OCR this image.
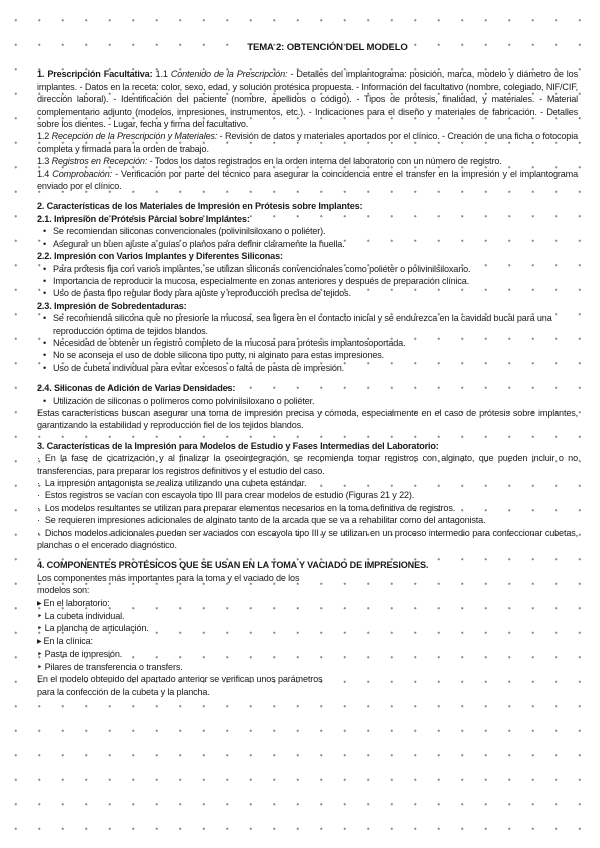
TEMA 2: OBTENCIÓN DEL MODELO

1. Prescripción Facultativa: 1.1 Contenido de la Prescripción: - Detalles del implantograma: posición, marca, modelo y diámetro de los implantes. - Datos en la receta: color, sexo, edad, y solución protésica propuesta. - Información del facultativo (nombre, colegiado, NIF/CIF, dirección laboral). - Identificación del paciente (nombre, apellidos o código). - Tipos de prótesis, finalidad, y materiales. - Material complementario adjunto (modelos, impresiones, instrumentos, etc.). - Indicaciones para el diseño y materiales de fabricación. - Detalles sobre los dientes. - Lugar, fecha y firma del facultativo.

1.2 Recepción de la Prescripción y Materiales: - Revisión de datos y materiales aportados por el clínico. - Creación de una ficha o fotocopia completa y firmada para la orden de trabajo.

1.3 Registros en Recepción: - Todos los datos registrados en la orden interna del laboratorio con un número de registro.

1.4 Comprobación: - Verificación por parte del técnico para asegurar la coincidencia entre el transfer en la impresión y el implantograma enviado por el clínico.

2. Características de los Materiales de Impresión en Prótesis sobre Implantes:

2.1. Impresión de Prótesis Parcial sobre Implantes:

• Se recomiendan siliconas convencionales (polivinilsiloxano o poliéter).
• Asegurar un buen ajuste a guías o planos para definir claramente la huella.

2.2. Impresión con Varios Implantes y Diferentes Siliconas:

• Para prótesis fija con varios implantes, se utilizan siliconas convencionales como poliéter o polivinilsiloxano.
• Importancia de reproducir la mucosa, especialmente en zonas anteriores y después de preparación clínica.
• Uso de pasta tipo regular body para ajuste y reproducción precisa de tejidos.

2.3. Impresión de Sobredentaduras:

• Se recomienda silicona que no presione la mucosa, sea ligera en el contacto inicial y se endurezca en la cavidad bucal para una reproducción óptima de tejidos blandos.
• Necesidad de obtener un registro completo de la mucosa para prótesis implantosoportada.
• No se aconseja el uso de doble silicona tipo putty, ni alginato para estas impresiones.
• Uso de cubeta individual para evitar excesos o falta de pasta de impresión.

2.4. Siliconas de Adición de Varias Densidades:

• Utilización de siliconas o polímeros como polvinilsiloxano o poliéter.

Estas características buscan asegurar una toma de impresión precisa y cómoda, especialmente en el caso de prótesis sobre implantes, garantizando la estabilidad y reproducción fiel de los tejidos blandos.

3. Características de la Impresión para Modelos de Estudio y Fases Intermedias del Laboratorio:

· En la fase de cicatrización y al finalizar la oseointegración, se recomienda tomar registros con alginato, que pueden incluir o no transferencias, para preparar los registros definitivos y el estudio del caso.

· La impresión antagonista se realiza utilizando una cubeta estándar.

· Estos registros se vacían con escayola tipo III para crear modelos de estudio (Figuras 21 y 22).

· Los modelos resultantes se utilizan para preparar elementos necesarios en la toma definitiva de registros.

· Se requieren impresiones adicionales de alginato tanto de la arcada que se va a rehabilitar como del antagonista.

· Dichos modelos adicionales pueden ser vaciados con escayola tipo III y se utilizan en un proceso intermedio para confeccionar cubetas, planchas o el encerado diagnóstico.

4. COMPONENTES PROTÉSICOS QUE SE USAN EN LA TOMA Y VACIADO DE IMPRESIONES.

Los componentes más importantes para la toma y el vaciado de los
modelos son:
▶ En el laboratorio:
‣ La cubeta individual.
‣ La plancha de articulación.
▶ En la clínica:
‣ Pasta de impresión.
‣ Pilares de transferencia o transfers.
En el modelo obtenido del apartado anterior se verifican unos parámetros
para la confección de la cubeta y la plancha.
